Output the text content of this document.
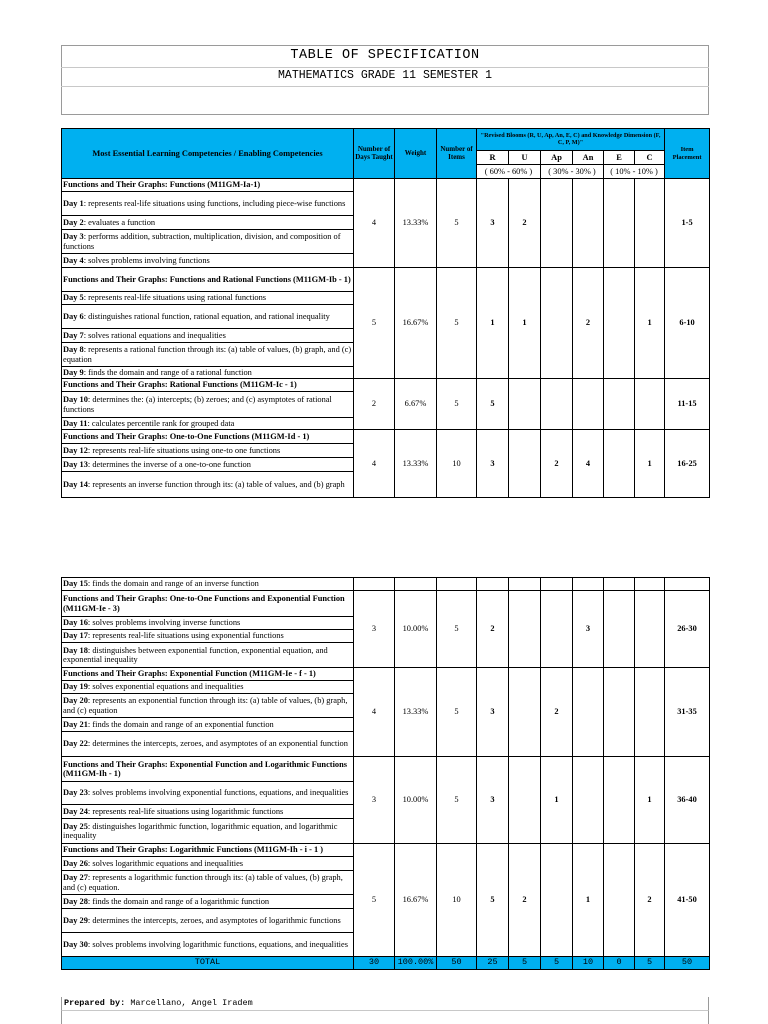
TABLE OF SPECIFICATION
MATHEMATICS GRADE 11 SEMESTER 1
Most Essential Learning Competencies / Enabling Competencies	Number of Days Taught	Weight	Number of Items	"Revised Blooms (R, U, Ap, An, E, C) and Knowledge Dimension (F, C, P, M)"						Item Placement
				R	U	Ap	An	E	C	
				( 60% - 60% )		( 30% - 30% )		( 10% - 10% )		
Functions and Their Graphs: Functions (M11GM-Ia-1)	4	13.33%	5	3	2					1-5
Day 1: represents real-life situations using functions, including piece-wise functions										
Day 2: evaluates a function										
Day 3: performs addition, subtraction, multiplication, division, and composition of functions										
Day 4: solves problems involving functions										
Functions and Their Graphs: Functions and Rational Functions (M11GM-Ib - 1)	5	16.67%	5	1	1		2		1	6-10
Day 5: represents real-life situations using rational functions										
Day 6: distinguishes rational function, rational equation, and rational inequality										
Day 7: solves rational equations and inequalities										
Day 8: represents a rational function through its: (a) table of values, (b) graph, and (c) equation										
Day 9: finds the domain and range of a rational function										
Functions and Their Graphs: Rational Functions (M11GM-Ic - 1)	2	6.67%	5	5						11-15
Day 10: determines the: (a) intercepts; (b) zeroes; and (c) asymptotes of rational functions										
Day 11: calculates percentile rank for grouped data										
Functions and Their Graphs: One-to-One Functions (M11GM-Id - 1)	4	13.33%	10	3		2	4		1	16-25
Day 12: represents real-life situations using one-to one functions										
Day 13: determines the inverse of a one-to-one function										
Day 14: represents an inverse function through its: (a) table of values, and (b) graph										
Day 15: finds the domain and range of an inverse function										
Functions and Their Graphs: One-to-One Functions and Exponential Function (M11GM-Ie - 3)	3	10.00%	5	2			3			26-30
Day 16: solves problems involving inverse functions										
Day 17: represents real-life situations using exponential functions										
Day 18: distinguishes between exponential function, exponential equation, and exponential inequality										
Functions and Their Graphs: Exponential Function (M11GM-Ie - f - 1)	4	13.33%	5	3		2				31-35
Day 19: solves exponential equations and inequalities										
Day 20: represents an exponential function through its: (a) table of values, (b) graph, and (c) equation										
Day 21: finds the domain and range of an exponential function										
Day 22: determines the intercepts, zeroes, and asymptotes of an exponential function										
Functions and Their Graphs: Exponential Function and Logarithmic Functions (M11GM-Ih - 1)	3	10.00%	5	3		1			1	36-40
Day 23: solves problems involving exponential functions, equations, and inequalities										
Day 24: represents real-life situations using logarithmic functions										
Day 25: distinguishes logarithmic function, logarithmic equation, and logarithmic inequality										
Functions and Their Graphs: Logarithmic Functions (M11GM-Ih - i - 1 )	5	16.67%	10	5	2		1		2	41-50
Day 26: solves logarithmic equations and inequalities										
Day 27: represents a logarithmic function through its: (a) table of values, (b) graph, and (c) equation.										
Day 28: finds the domain and range of a logarithmic function										
Day 29: determines the intercepts, zeroes, and asymptotes of logarithmic functions										
Day 30: solves problems involving logarithmic functions, equations, and inequalities										
TOTAL	30	100.00%	50	25	5	5	10	0	5	50
Prepared by: Marcellano, Angel Iradem
